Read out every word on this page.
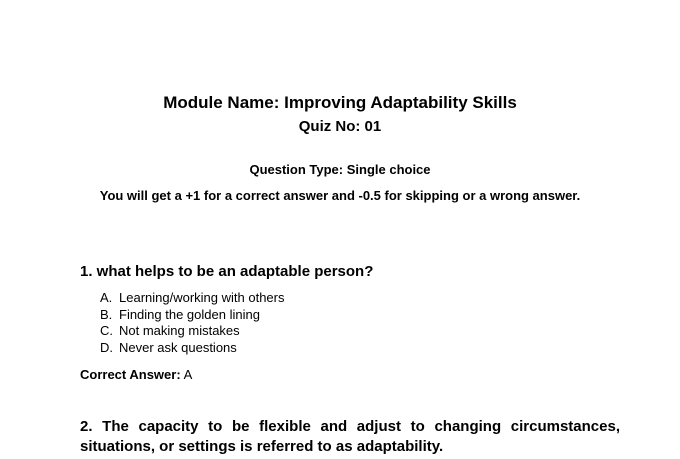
Module Name: Improving Adaptability Skills
Quiz No: 01
Question Type: Single choice
You will get a +1 for a correct answer and -0.5 for skipping or a wrong answer.
1. what helps to be an adaptable person?
A. Learning/working with others
B. Finding the golden lining
C. Not making mistakes
D. Never ask questions
Correct Answer: A
2. The capacity to be flexible and adjust to changing circumstances, situations, or settings is referred to as adaptability.
